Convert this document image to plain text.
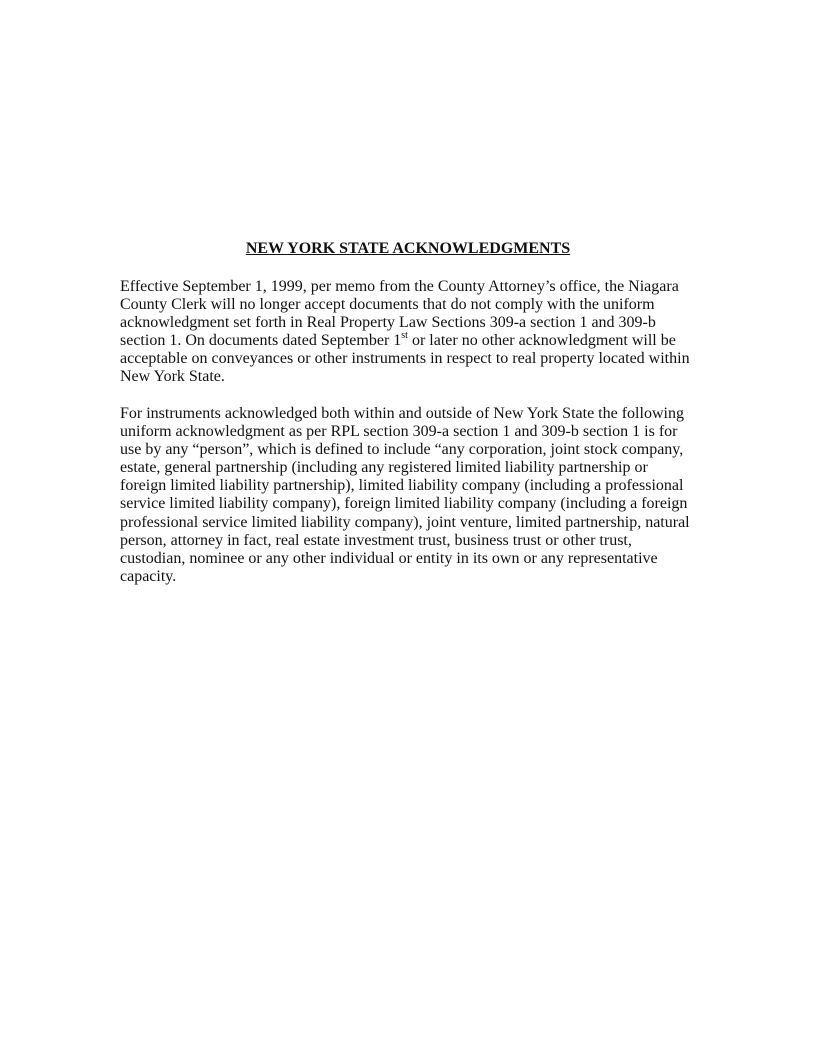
NEW YORK STATE ACKNOWLEDGMENTS
Effective September 1, 1999, per memo from the County Attorney’s office, the Niagara
County Clerk will no longer accept documents that do not comply with the uniform
acknowledgment set forth in Real Property Law Sections 309-a section 1 and 309-b
section 1. On documents dated September 1st or later no other acknowledgment will be
acceptable on conveyances or other instruments in respect to real property located within
New York State.
For instruments acknowledged both within and outside of New York State the following
uniform acknowledgment as per RPL section 309-a section 1 and 309-b section 1 is for
use by any “person”, which is defined to include “any corporation, joint stock company,
estate, general partnership (including any registered limited liability partnership or
foreign limited liability partnership), limited liability company (including a professional
service limited liability company), foreign limited liability company (including a foreign
professional service limited liability company), joint venture, limited partnership, natural
person, attorney in fact, real estate investment trust, business trust or other trust,
custodian, nominee or any other individual or entity in its own or any representative
capacity.
